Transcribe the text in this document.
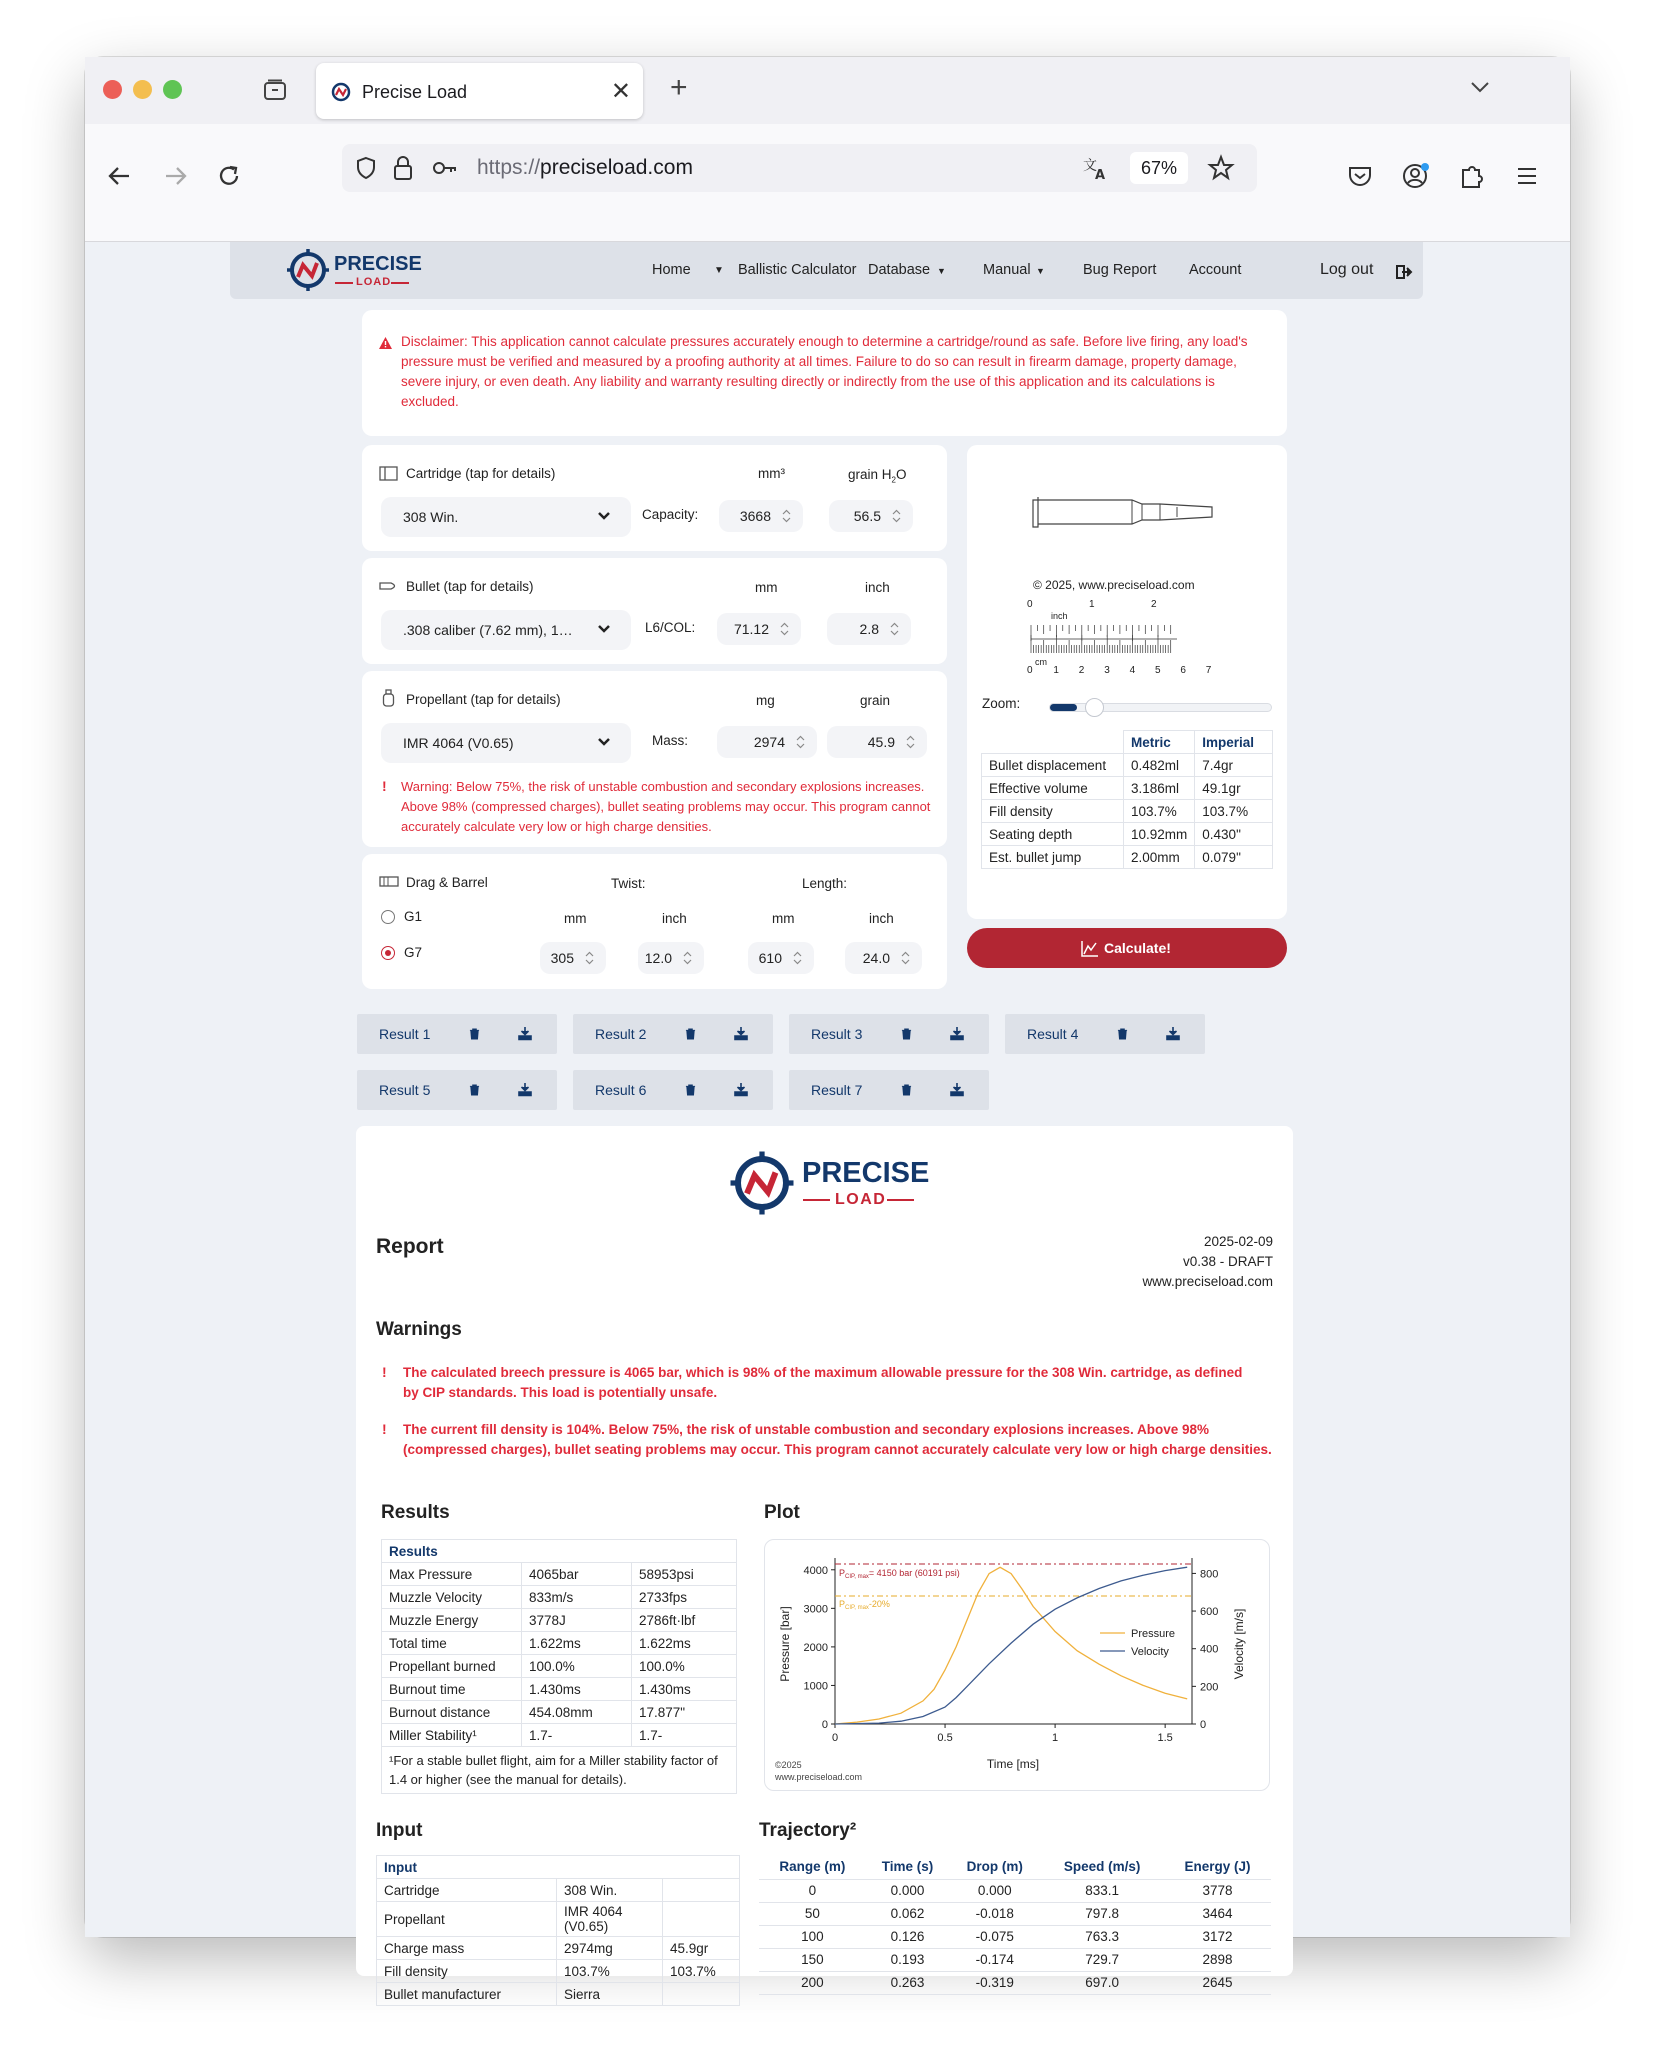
Precise Load	✕ +
https://preciseload.com	文
A	67%
PRECISE
LOAD
Home ▼ Ballistic Calculator Database ▼	Manual ▼	Bug Report Account	Log out
Disclaimer: This application cannot calculate pressures accurately enough to determine a cartridge/round as safe. Before live firing, any load's pressure must be verified and measured by a proofing authority at all times. Failure to do so can result in firearm damage, property damage, severe injury, or even death. Any liability and warranty resulting directly or indirectly from the use of this application and its calculations is excluded.
Cartridge (tap for details)	mm³	grain $H_2O$
308 Win.	Capacity:	3668	56.5
Bullet (tap for details)	mm	inch
.308 caliber (7.62 mm), 1…	L6/COL:	71.12	2.8
Propellant (tap for details)	mg	grain
IMR 4064 (V0.65)	Mass:	2974	45.9
! Warning: Below 75%, the risk of unstable combustion and secondary explosions increases. Above 98% (compressed charges), bullet seating problems may occur. This program cannot accurately calculate very low or high charge densities.
Drag & Barrel	Twist:	Length:
G1
G7
mm	inch	mm	inch
305	12.0	610	24.0
© 2025, www.preciseload.com
0	1	2
inch
cm
0 1 2 3 4 5 6 7
Zoom:
	Metric	Imperial
Bullet displacement	0.482ml	7.4gr
Effective volume	3.186ml	49.1gr
Fill density	103.7%	103.7%
Seating depth	10.92mm	0.430"
Est. bullet jump	2.00mm	0.079"
Calculate!
Result 1	Result 2	Result 3	Result 4
Result 5	Result 6	Result 7
PRECISE
LOAD
Report	2025-02-09
v0.38 - DRAFT
www.preciseload.com
Warnings
! The calculated breech pressure is 4065 bar, which is 98% of the maximum allowable pressure for the 308 Win. cartridge, as defined by CIP standards. This load is potentially unsafe.
! The current fill density is 104%. Below 75%, the risk of unstable combustion and secondary explosions increases. Above 98% (compressed charges), bullet seating problems may occur. This program cannot accurately calculate very low or high charge densities.
Results
Results		
Max Pressure	4065bar	58953psi
Muzzle Velocity	833m/s	2733fps
Muzzle Energy	3778J	2786ft·lbf
Total time	1.622ms	1.622ms
Propellant burned	100.0%	100.0%
Burnout time	1.430ms	1.430ms
Burnout distance	454.08mm	17.877"
Miller Stability¹	1.7-	1.7-
¹For a stable bullet flight, aim for a Miller stability factor of 1.4 or higher (see the manual for details).		
Plot
0
1000
2000
3000
4000
0
200
400
600
800
0	0.5	1	1.5
$P_{CIP, max}= 4150$ bar (60191 psi)
$P_{CIP, max}-20\%$
Pressure
Velocity
Time [ms]
Pressure [bar]	Velocity [m/s]
©2025
www.preciseload.com
Input
Input		
Cartridge	308 Win.	
Propellant	IMR 4064 (V0.65)	
Charge mass	2974mg	45.9gr
Fill density	103.7%	103.7%
Bullet manufacturer	Sierra	
Trajectory²
Range (m)	Time (s)	Drop (m)	Speed (m/s)	Energy (J)
0	0.000	0.000	833.1	3778
50	0.062	-0.018	797.8	3464
100	0.126	-0.075	763.3	3172
150	0.193	-0.174	729.7	2898
200	0.263	-0.319	697.0	2645
